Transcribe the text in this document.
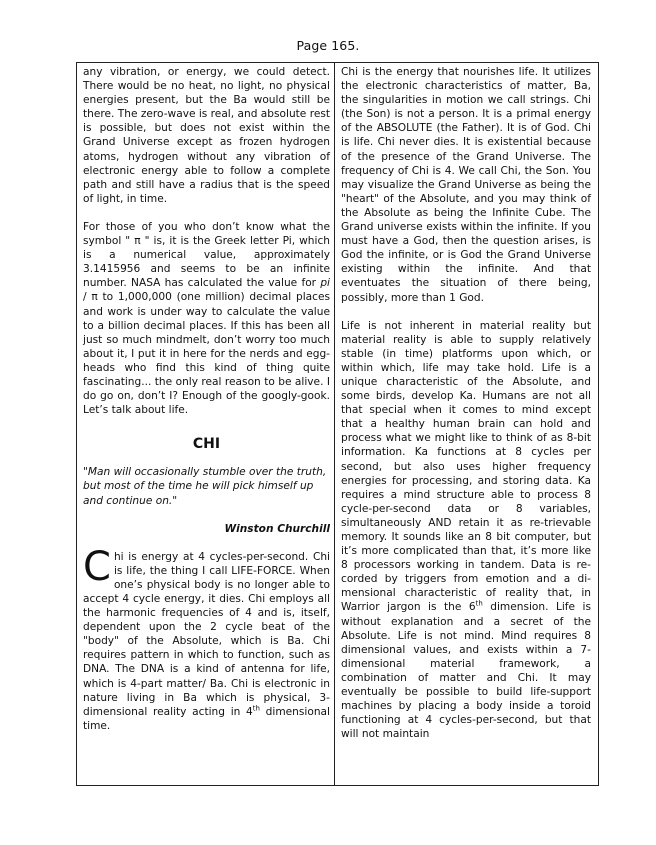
Page 165.

any vibration, or energy, we could detect. There would be no heat, no light, no physical energies present, but the Ba would still be there. The zero-wave is real, and absolute rest is possible, but does not exist within the Grand Universe except as frozen hydrogen atoms, hydrogen without any vibration of electronic energy able to follow a complete path and still have a radius that is the speed of light, in time.

For those of you who don’t know what the symbol " π " is, it is the Greek letter Pi, which is a numerical value, approximately 3.1415956 and seems to be an infinite number. NASA has calculated the value for pi / π to 1,000,000 (one million) decimal places and work is under way to calculate the value to a billion decimal places. If this has been all just so much mindmelt, don’t worry too much about it, I put it in here for the nerds and egg-heads who find this kind of thing quite fascinating... the only real reason to be alive. I do go on, don’t I? Enough of the googly-gook. Let’s talk about life.

CHI

"Man will occasionally stumble over the truth, but most of the time he will pick himself up and continue on."

Winston Churchill

Chi is energy at 4 cycles-per-second. Chi is life, the thing I call LIFE-FORCE. When one’s physical body is no longer able to accept 4 cycle energy, it dies. Chi employs all the harmonic frequencies of 4 and is, itself, dependent upon the 2 cycle beat of the "body" of the Absolute, which is Ba. Chi requires pattern in which to function, such as DNA. The DNA is a kind of antenna for life, which is 4-part matter/ Ba. Chi is electronic in nature living in Ba which is physical, 3-dimensional reality acting in 4th dimensional time.

Chi is the energy that nourishes life. It utilizes the electronic characteristics of matter, Ba, the singularities in motion we call strings. Chi (the Son) is not a person. It is a primal energy of the ABSOLUTE (the Father). It is of God. Chi is life. Chi never dies. It is existential because of the presence of the Grand Universe. The frequency of Chi is 4. We call Chi, the Son. You may visualize the Grand Universe as being the "heart" of the Absolute, and you may think of the Absolute as being the Infinite Cube. The Grand universe exists within the infinite. If you must have a God, then the question arises, is God the infinite, or is God the Grand Universe existing within the infinite. And that eventuates the situation of there being, possibly, more than 1 God.

Life is not inherent in material reality but material reality is able to supply relatively stable (in time) platforms upon which, or within which, life may take hold. Life is a unique characteristic of the Absolute, and some birds, develop Ka. Humans are not all that special when it comes to mind except that a healthy human brain can hold and process what we might like to think of as 8-bit information. Ka functions at 8 cycles per second, but also uses higher frequency energies for processing, and storing data. Ka requires a mind structure able to process 8 cycle-per-second data or 8 variables, simultaneously AND retain it as re-trievable memory. It sounds like an 8 bit computer, but it’s more complicated than that, it’s more like 8 processors working in tandem. Data is recorded by triggers from emotion and a dimensional characteristic of reality that, in Warrior jargon is the 6th dimension. Life is without explanation and a secret of the Absolute. Life is not mind. Mind requires 8 dimensional values, and exists within a 7-dimensional material framework, a combination of matter and Chi. It may eventually be possible to build life-support machines by placing a body inside a toroid functioning at 4 cycles-per-second, but that will not maintain
